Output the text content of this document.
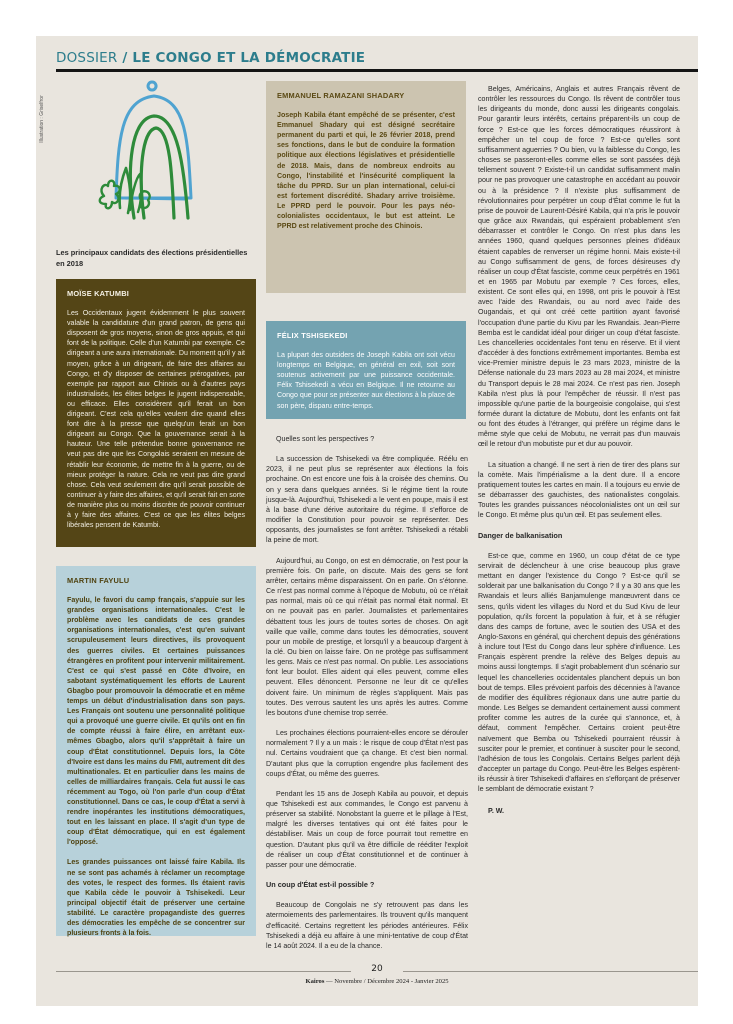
DOSSIER / LE CONGO ET LA DÉMOCRATIE
Illustration : Griselfror
Les principaux candidats des élections présidentielles en 2018
MOÏSE KATUMBI

Les Occidentaux jugent évidemment le plus souvent valable la candidature d'un grand patron, de gens qui disposent de gros moyens, sinon de gros appuis, et qui font de la politique. Celle d'un Katumbi par exemple. Ce dirigeant a une aura internationale. Du moment qu'il y ait moyen, grâce à un dirigeant, de faire des affaires au Congo, et d'y disposer de certaines prérogatives, par exemple par rapport aux Chinois ou à d'autres pays industrialisés, les élites belges le jugent indispensable, ou efficace. Elles considèrent qu'il ferait un bon dirigeant. C'est cela qu'elles veulent dire quand elles font dire à la presse que quelqu'un ferait un bon dirigeant au Congo. Que la gouvernance serait à la hauteur. Une telle prétendue bonne gouvernance ne veut pas dire que les Congolais seraient en mesure de rétablir leur économie, de mettre fin à la guerre, ou de mieux protéger la nature. Cela ne veut pas dire grand chose. Cela veut seulement dire qu'il serait possible de continuer à y faire des affaires, et qu'il serait fait en sorte de manière plus ou moins discrète de pouvoir continuer à y faire des affaires. C'est ce que les élites belges libérales pensent de Katumbi.

MARTIN FAYULU

Fayulu, le favori du camp français, s'appuie sur les grandes organisations internationales. C'est le problème avec les candidats de ces grandes organisations internationales, c'est qu'en suivant scrupuleusement leurs directives, ils provoquent des guerres civiles. Et certaines puissances étrangères en profitent pour intervenir militairement. C'est ce qui s'est passé en Côte d'Ivoire, en sabotant systématiquement les efforts de Laurent Gbagbo pour promouvoir la démocratie et en même temps un début d'industrialisation dans son pays. Les Français ont soutenu une personnalité politique qui a provoqué une guerre civile. Et qu'ils ont en fin de compte réussi à faire élire, en arrêtant eux-mêmes Gbagbo, alors qu'il s'apprêtait à faire un coup d'État constitutionnel. Depuis lors, la Côte d'Ivoire est dans les mains du FMI, autrement dit des multinationales. Et en particulier dans les mains de celles de milliardaires français. Cela fut aussi le cas récemment au Togo, où l'on parle d'un coup d'État constitutionnel. Dans ce cas, le coup d'État a servi à rendre inopérantes les institutions démocratiques, tout en les laissant en place. Il s'agit d'un type de coup d'État démocratique, qui en est également l'opposé.

Les grandes puissances ont laissé faire Kabila. Ils ne se sont pas achamés à réclamer un recomptage des votes, le respect des formes. Ils étaient ravis que Kabila cède le pouvoir à Tshisekedi. Leur principal objectif était de préserver une certaine stabilité. Le caractère propagandiste des guerres des démocraties les empêche de se concentrer sur plusieurs fronts à la fois.

EMMANUEL RAMAZANI SHADARY

Joseph Kabila étant empêché de se présenter, c'est Emmanuel Shadary qui est désigné secrétaire permanent du parti et qui, le 26 février 2018, prend ses fonctions, dans le but de conduire la formation politique aux élections législatives et présidentielle de 2018. Mais, dans de nombreux endroits au Congo, l'instabilité et l'insécurité compliquent la tâche du PPRD. Sur un plan international, celui-ci est fortement discrédité. Shadary arrive troisième. Le PPRD perd le pouvoir. Pour les pays néo-colonialistes occidentaux, le but est atteint. Le PPRD est relativement proche des Chinois.

FÉLIX TSHISEKEDI

La plupart des outsiders de Joseph Kabila ont soit vécu longtemps en Belgique, en général en exil, soit sont soutenus activement par une puissance occidentale. Félix Tshisekedi a vécu en Belgique. Il ne retourne au Congo que pour se présenter aux élections à la place de son père, disparu entre-temps.

Quelles sont les perspectives ?

La succession de Tshisekedi va être compliquée. Réélu en 2023, il ne peut plus se représenter aux élections la fois prochaine. On est encore une fois à la croisée des chemins. Ou on y sera dans quelques années. Si le régime tient la route jusque-là. Aujourd'hui, Tshisekedi a le vent en poupe, mais il est à la base d'une dérive autoritaire du régime. Il s'efforce de modifier la Constitution pour pouvoir se représenter. Des opposants, des journalistes se font arrêter. Tshisekedi a rétabli la peine de mort.

Aujourd'hui, au Congo, on est en démocratie, on l'est pour la première fois. On parle, on discute. Mais des gens se font arrêter, certains même disparaissent. On en parle. On s'étonne. Ce n'est pas normal comme à l'époque de Mobutu, où ce n'était pas normal, mais où ce qui n'était pas normal était normal. Et on ne pouvait pas en parler. Journalistes et parlementaires débattent tous les jours de toutes sortes de choses. On agit vaille que vaille, comme dans toutes les démocraties, souvent pour un mobile de prestige, et lorsqu'il y a beaucoup d'argent à la clé. Ou bien on laisse faire. On ne protège pas suffisamment les gens. Mais ce n'est pas normal. On publie. Les associations font leur boulot. Elles aident qui elles peuvent, comme elles peuvent. Elles dénoncent. Personne ne leur dit ce qu'elles doivent faire. Un minimum de règles s'appliquent. Mais pas toutes. Des verrous sautent les uns après les autres. Comme les boutons d'une chemise trop serrée.

Les prochaines élections pourraient-elles encore se dérouler normalement ? Il y a un mais : le risque de coup d'État n'est pas nul. Certains voudraient que ça change. Et c'est bien normal. D'autant plus que la corruption engendre plus facilement des coups d'État, ou même des guerres.

Pendant les 15 ans de Joseph Kabila au pouvoir, et depuis que Tshisekedi est aux commandes, le Congo est parvenu à préserver sa stabilité. Nonobstant la guerre et le pillage à l'Est, malgré les diverses tentatives qui ont été faites pour le déstabiliser. Mais un coup de force pourrait tout remettre en question. D'autant plus qu'il va être difficile de rééditer l'exploit de réaliser un coup d'État constitutionnel et de continuer à passer pour une démocratie.

Un coup d'État est-il possible ?

Beaucoup de Congolais ne s'y retrouvent pas dans les atermoiements des parlementaires. Ils trouvent qu'ils manquent d'efficacité. Certains regrettent les périodes antérieures. Félix Tshisekedi a déjà eu affaire à une mini-tentative de coup d'État le 14 août 2024. Il a eu de la chance.

Belges, Américains, Anglais et autres Français rêvent de contrôler les ressources du Congo. Ils rêvent de contrôler tous les dirigeants du monde, donc aussi les dirigeants congolais. Pour garantir leurs intérêts, certains préparent-ils un coup de force ? Est-ce que les forces démocratiques réussiront à empêcher un tel coup de force ? Est-ce qu'elles sont suffisamment aguerries ? Ou bien, vu la faiblesse du Congo, les choses se passeront-elles comme elles se sont passées déjà tellement souvent ? Existe-t-il un candidat suffisamment malin pour ne pas provoquer une catastrophe en accédant au pouvoir ou à la présidence ? Il n'existe plus suffisamment de révolutionnaires pour perpétrer un coup d'État comme le fut la prise de pouvoir de Laurent-Désiré Kabila, qui n'a pris le pouvoir que grâce aux Rwandais, qui espéraient probablement s'en débarrasser et contrôler le Congo. On n'est plus dans les années 1960, quand quelques personnes pleines d'idéaux étaient capables de renverser un régime honni. Mais existe-t-il au Congo suffisamment de gens, de forces désireuses d'y réaliser un coup d'État fasciste, comme ceux perpétrés en 1961 et en 1965 par Mobutu par exemple ? Ces forces, elles, existent. Ce sont elles qui, en 1998, ont pris le pouvoir à l'Est avec l'aide des Rwandais, ou au nord avec l'aide des Ougandais, et qui ont créé cette partition ayant favorisé l'occupation d'une partie du Kivu par les Rwandais. Jean-Pierre Bemba est le candidat idéal pour diriger un coup d'état fasciste. Les chancelleries occidentales l'ont tenu en réserve. Et il vient d'accéder à des fonctions extrêmement importantes. Bemba est vice-Premier ministre depuis le 23 mars 2023, ministre de la Défense nationale du 23 mars 2023 au 28 mai 2024, et ministre du Transport depuis le 28 mai 2024. Ce n'est pas rien. Joseph Kabila n'est plus là pour l'empêcher de réussir. Il n'est pas impossible qu'une partie de la bourgeoisie congolaise, qui s'est formée durant la dictature de Mobutu, dont les enfants ont fait ou font des études à l'étranger, qui préfère un régime dans le même style que celui de Mobutu, ne verrait pas d'un mauvais œil le retour d'un mobutiste pur et dur au pouvoir.

La situation a changé. Il ne sert à rien de tirer des plans sur la comète. Mais l'impérialisme a la dent dure. Il a encore pratiquement toutes les cartes en main. Il a toujours eu envie de se débarrasser des gauchistes, des nationalistes congolais. Toutes les grandes puissances néocolonialistes ont un œil sur le Congo. Et même plus qu'un œil. Et pas seulement elles.

Danger de balkanisation

Est-ce que, comme en 1960, un coup d'état de ce type servirait de déclencheur à une crise beaucoup plus grave mettant en danger l'existence du Congo ? Est-ce qu'il se solderait par une balkanisation du Congo ? Il y a 30 ans que les Rwandais et leurs alliés Banjamulenge manœuvrent dans ce sens, qu'ils vident les villages du Nord et du Sud Kivu de leur population, qu'ils forcent la population à fuir, et à se réfugier dans des camps de fortune, avec le soutien des USA et des Anglo-Saxons en général, qui cherchent depuis des générations à inclure tout l'Est du Congo dans leur sphère d'influence. Les Français espèrent prendre la relève des Belges depuis au moins aussi longtemps. Il s'agit probablement d'un scénario sur lequel les chancelleries occidentales planchent depuis un bon bout de temps. Elles prévoient parfois des décennies à l'avance de modifier des équilibres régionaux dans une autre partie du monde. Les Belges se demandent certainement aussi comment profiter comme les autres de la curée qui s'annonce, et, à défaut, comment l'empêcher. Certains croient peut-être naïvement que Bemba ou Tshisekedi pourraient réussir à susciter pour le premier, et continuer à susciter pour le second, l'adhésion de tous les Congolais. Certains Belges parlent déjà d'accepter un partage du Congo. Peut-être les Belges espèrent-ils réussir à tirer Tshisekedi d'affaires en s'efforçant de préserver le semblant de démocratie existant ?

P. W.

20
Kairos — Novembre / Décembre 2024 - Janvier 2025
